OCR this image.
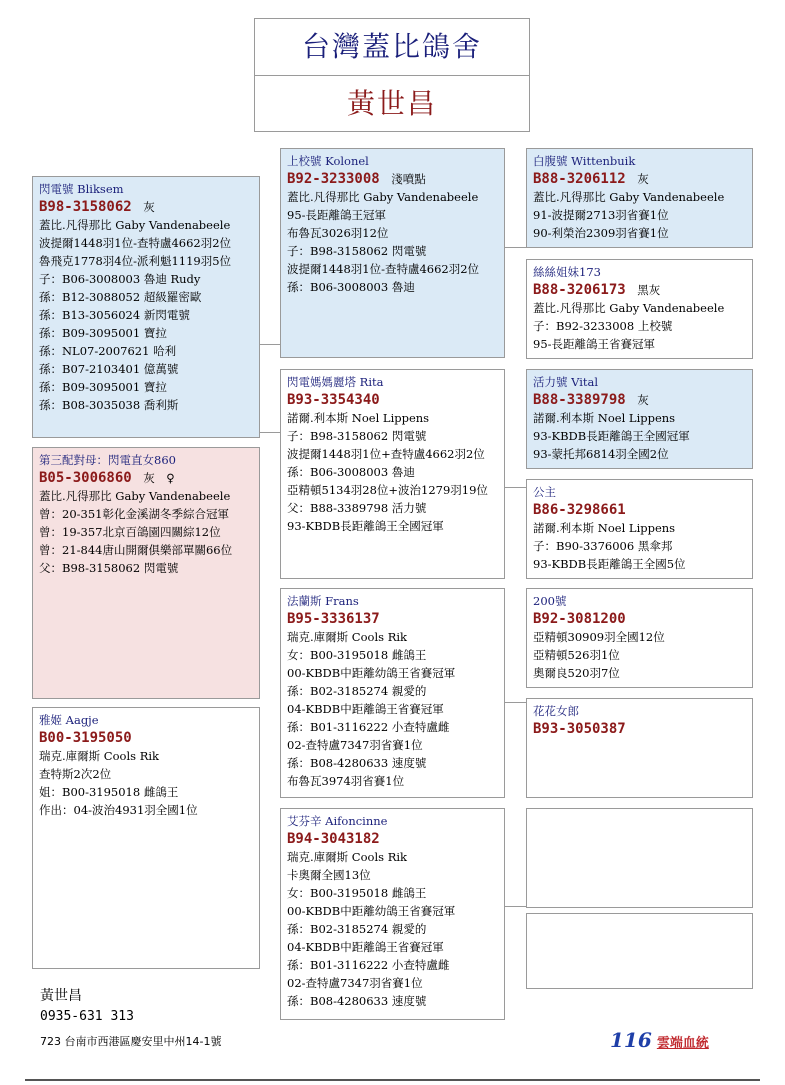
台灣蓋比鴿舍
黃世昌
閃電號 Bliksem
B98-3158062　 灰
蓋比.凡得那比 Gaby Vandenabeele
波提爾1448羽1位-查特盧4662羽2位
魯飛克1778羽4位-派利魁1119羽5位
子：B06-3008003 魯迪 Rudy
孫：B12-3088052 超級羅密歐
孫：B13-3056024 新閃電號
孫：B09-3095001 寶拉
孫：NL07-2007621 哈利
孫：B07-2103401 億萬號
孫：B09-3095001 寶拉
孫：B08-3035038 喬利斯
第三配對母：閃電直女860
B05-3006860　 灰　♀
蓋比.凡得那比 Gaby Vandenabeele
曾：20-351彰化金溪湖冬季綜合冠軍
曾：19-357北京百鴿園四關綜12位
曾：21-844唐山開爾俱樂部單關66位
父：B98-3158062 閃電號
雅姬 Aagje
B00-3195050
瑞克.庫爾斯 Cools Rik
查特斯2次2位
姐：B00-3195018 雌鴿王
作出：04-波治4931羽全國1位
上校號 Kolonel
B92-3233008　 淺噴點
蓋比.凡得那比 Gaby Vandenabeele
95-長距離鴿王冠軍
布魯瓦3026羽12位
子：B98-3158062 閃電號
波提爾1448羽1位-查特盧4662羽2位
孫：B06-3008003 魯迪
閃電媽媽麗塔 Rita
B93-3354340
諾爾.利本斯 Noel Lippens
子：B98-3158062 閃電號
波提爾1448羽1位+查特盧4662羽2位
孫：B06-3008003 魯迪
亞精頓5134羽28位+波治1279羽19位
父：B88-3389798 活力號
93-KBDB長距離鴿王全國冠軍
法蘭斯 Frans
B95-3336137
瑞克.庫爾斯 Cools Rik
女：B00-3195018 雌鴿王
00-KBDB中距離幼鴿王省賽冠軍
孫：B02-3185274 親愛的
04-KBDB中距離鴿王省賽冠軍
孫：B01-3116222 小查特盧雌
02-查特盧7347羽省賽1位
孫：B08-4280633 速度號
布魯瓦3974羽省賽1位
艾芬辛 Aifoncinne
B94-3043182
瑞克.庫爾斯 Cools Rik
卡奧爾全國13位
女：B00-3195018 雌鴿王
00-KBDB中距離幼鴿王省賽冠軍
孫：B02-3185274 親愛的
04-KBDB中距離鴿王省賽冠軍
孫：B01-3116222 小查特盧雌
02-查特盧7347羽省賽1位
孫：B08-4280633 速度號
白腹號 Wittenbuik
B88-3206112　 灰
蓋比.凡得那比 Gaby Vandenabeele
91-波提爾2713羽省賽1位
90-利榮治2309羽省賽1位
絲絲姐妹173
B88-3206173　 黑灰
蓋比.凡得那比 Gaby Vandenabeele
子：B92-3233008 上校號
95-長距離鴿王省賽冠軍
活力號 Vital
B88-3389798　 灰
諾爾.利本斯 Noel Lippens
93-KBDB長距離鴿王全國冠軍
93-蒙托邦6814羽全國2位
公主
B86-3298661
諾爾.利本斯 Noel Lippens
子：B90-3376006 黑傘邦
93-KBDB長距離鴿王全國5位
200號
B92-3081200
亞精頓30909羽全國12位
亞精頓526羽1位
奧爾良520羽7位
花花女郎
B93-3050387
黃世昌
0935-631 313
723 台南市西港區慶安里中州14-1號	116 雲端血統
